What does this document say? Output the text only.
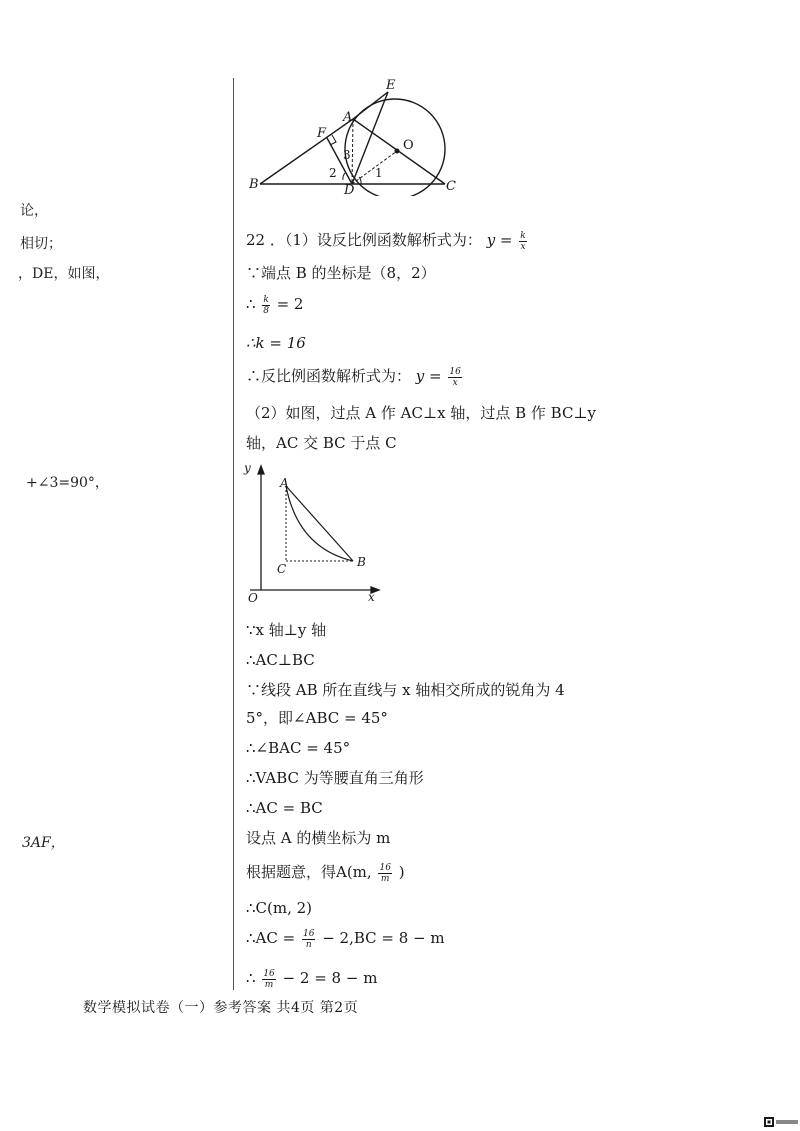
论，
相切；
，DE，如图，
+∠3=90°，
3AF，
E
A
F
O
B	D	C
1
2
3
22 ．（1）设反比例函数解析式为： $y = \frac{k}{x}$
∵端点 B 的坐标是（8，2）
∴ $\frac{k}{8} = 2$
∴k = 16
∴反比例函数解析式为： $y = \frac{16}{x}$
（2）如图，过点 A 作 AC⊥x 轴，过点 B 作 BC⊥y
轴，AC 交 BC 于点 C
y
A
B
C
O	x
∵x 轴⊥y 轴
∴AC⊥BC
∵线段 AB 所在直线与 x 轴相交所成的锐角为 4
5°，即∠ABC = 45°
∴∠BAC = 45°
∴VABC 为等腰直角三角形
∴AC = BC
设点 A 的横坐标为 m
根据题意，得A(m, $\frac{16}{m}$ )
∴C(m, 2)
∴AC = $\frac{16}{n} - 2,BC = 8 - m$
∴ $\frac{16}{m} - 2 = 8 - m$
数学模拟试卷（一）参考答案 共4页 第2页
